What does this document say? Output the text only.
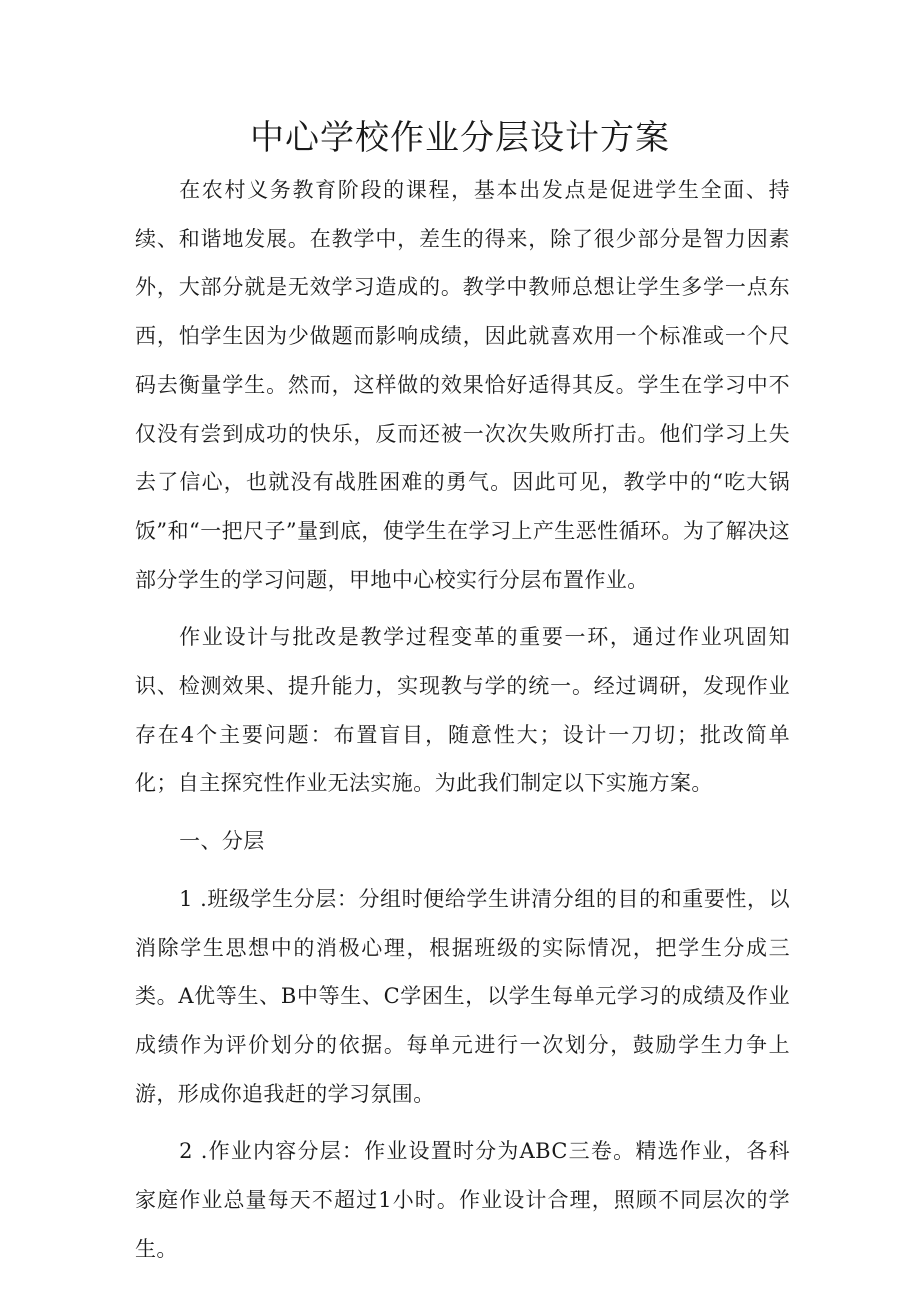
中心学校作业分层设计方案

在农村义务教育阶段的课程，基本出发点是促进学生全面、持续、和谐地发展。在教学中，差生的得来，除了很少部分是智力因素外，大部分就是无效学习造成的。教学中教师总想让学生多学一点东西，怕学生因为少做题而影响成绩，因此就喜欢用一个标准或一个尺码去衡量学生。然而，这样做的效果恰好适得其反。学生在学习中不仅没有尝到成功的快乐，反而还被一次次失败所打击。他们学习上失去了信心，也就没有战胜困难的勇气。因此可见，教学中的“吃大锅饭”和“一把尺子”量到底，使学生在学习上产生恶性循环。为了解决这部分学生的学习问题，甲地中心校实行分层布置作业。

作业设计与批改是教学过程变革的重要一环，通过作业巩固知识、检测效果、提升能力，实现教与学的统一。经过调研，发现作业存在4个主要问题：布置盲目，随意性大；设计一刀切；批改简单化；自主探究性作业无法实施。为此我们制定以下实施方案。

一、分层

1 .班级学生分层：分组时便给学生讲清分组的目的和重要性，以消除学生思想中的消极心理，根据班级的实际情况，把学生分成三类。A优等生、B中等生、C学困生，以学生每单元学习的成绩及作业成绩作为评价划分的依据。每单元进行一次划分，鼓励学生力争上游，形成你追我赶的学习氛围。

2 .作业内容分层：作业设置时分为ABC三卷。精选作业，各科家庭作业总量每天不超过1小时。作业设计合理，照顾不同层次的学生。
